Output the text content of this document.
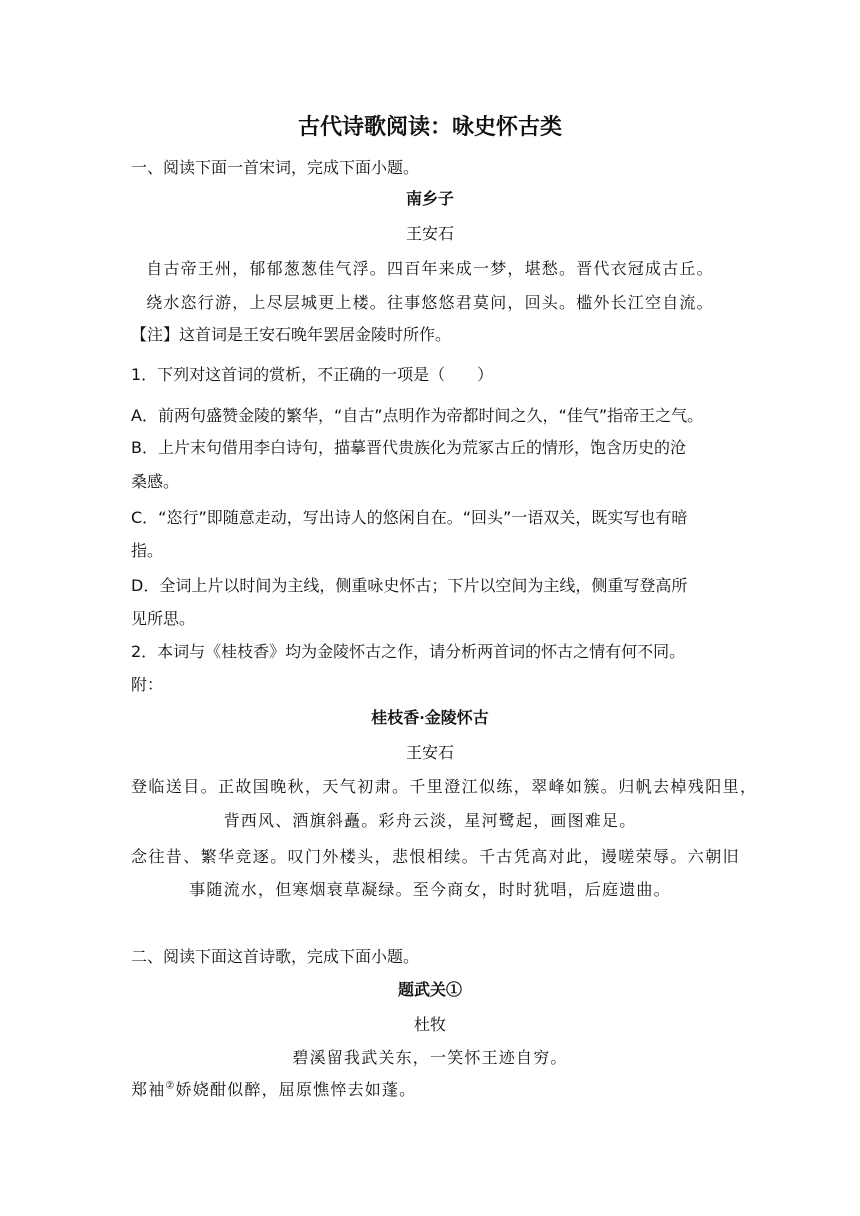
古代诗歌阅读：咏史怀古类
一、阅读下面一首宋词，完成下面小题。
南乡子
王安石
自古帝王州，郁郁葱葱佳气浮。四百年来成一梦，堪愁。晋代衣冠成古丘。
绕水恣行游，上尽层城更上楼。往事悠悠君莫问，回头。槛外长江空自流。
【注】这首词是王安石晚年罢居金陵时所作。
1．下列对这首词的赏析，不正确的一项是（　　）
A．前两句盛赞金陵的繁华，“自古”点明作为帝都时间之久，“佳气”指帝王之气。
B．上片末句借用李白诗句，描摹晋代贵族化为荒冢古丘的情形，饱含历史的沧
桑感。
C．“恣行”即随意走动，写出诗人的悠闲自在。“回头”一语双关，既实写也有暗
指。
D．全词上片以时间为主线，侧重咏史怀古；下片以空间为主线，侧重写登高所
见所思。
2．本词与《桂枝香》均为金陵怀古之作，请分析两首词的怀古之情有何不同。
附：
桂枝香·金陵怀古
王安石
登临送目。正故国晚秋，天气初肃。千里澄江似练，翠峰如簇。归帆去棹残阳里，
背西风、酒旗斜矗。彩舟云淡，星河鹭起，画图难足。
念往昔、繁华竞逐。叹门外楼头，悲恨相续。千古凭高对此，谩嗟荣辱。六朝旧
事随流水，但寒烟衰草凝绿。至今商女，时时犹唱，后庭遗曲。
二、阅读下面这首诗歌，完成下面小题。
题武关①
杜牧
碧溪留我武关东，一笑怀王迹自穷。
郑袖②娇娆酣似醉，屈原憔悴去如蓬。
